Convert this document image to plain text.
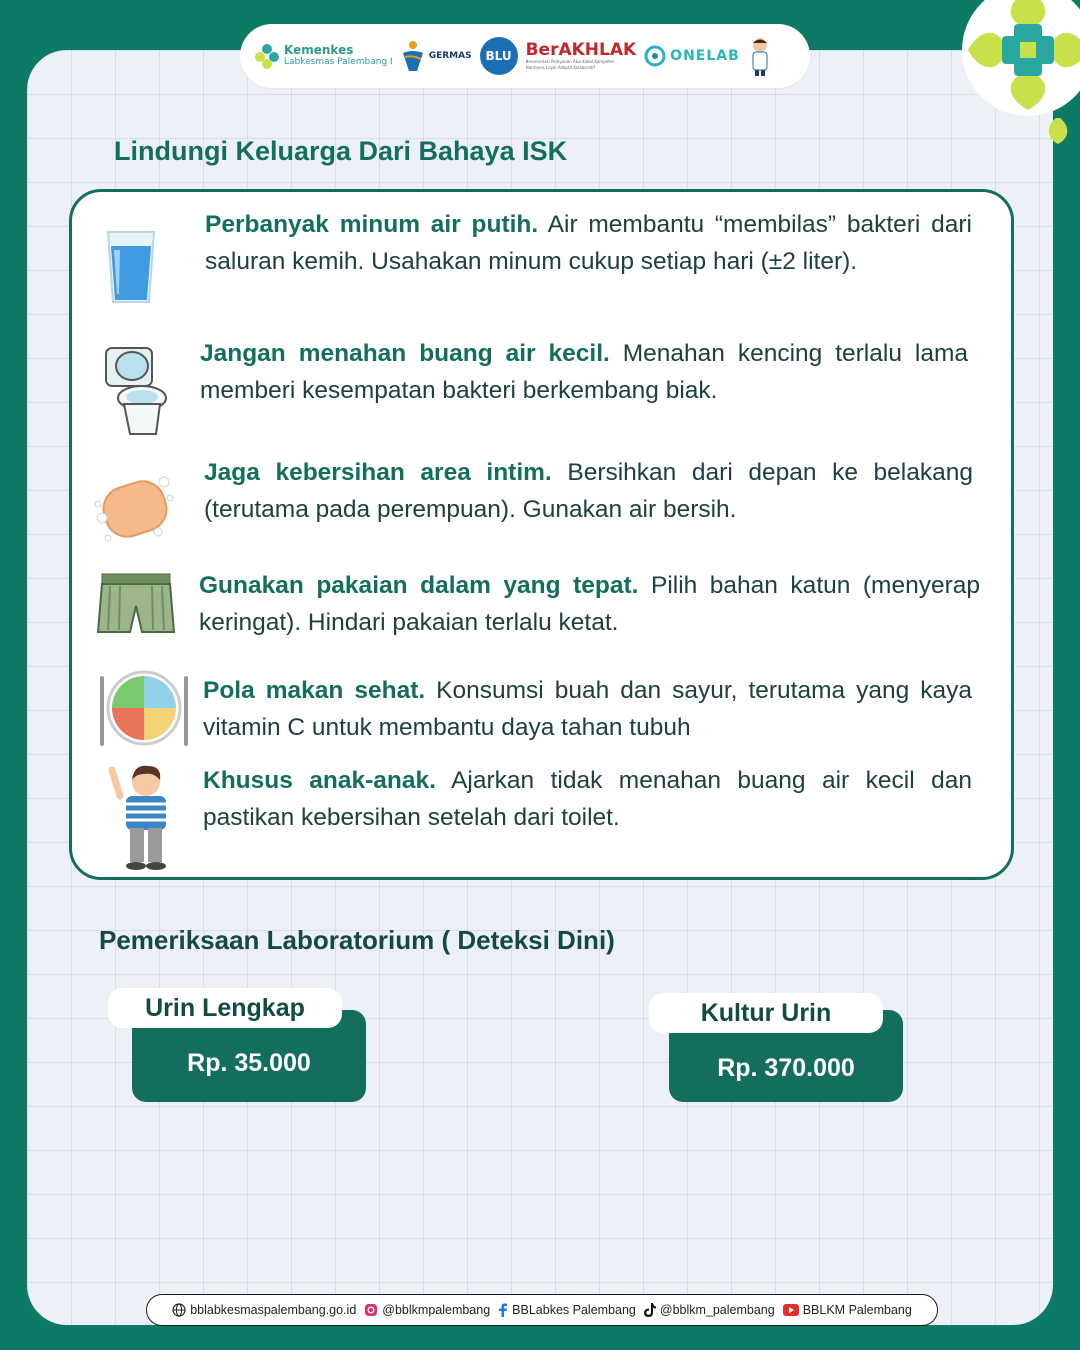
Kemenkes
Labkesmas Palembang I
GERMAS	BLU BerAKHLAK
Berorientasi Pelayanan Akuntabel Kompeten Harmonis Loyal Adaptif Kolaboratif
ONELAB
Lindungi Keluarga Dari Bahaya ISK
Perbanyak minum air putih. Air membantu “membilas” bakteri dari saluran kemih. Usahakan minum cukup setiap hari (±2 liter).
Jangan menahan buang air kecil. Menahan kencing terlalu lama memberi kesempatan bakteri berkembang biak.
Jaga kebersihan area intim. Bersihkan dari depan ke belakang (terutama pada perempuan). Gunakan air bersih.
Gunakan pakaian dalam yang tepat. Pilih bahan katun (menyerap keringat). Hindari pakaian terlalu ketat.
Pola makan sehat. Konsumsi buah dan sayur, terutama yang kaya vitamin C untuk membantu daya tahan tubuh
Khusus anak-anak. Ajarkan tidak menahan buang air kecil dan pastikan kebersihan setelah dari toilet.
Pemeriksaan Laboratorium ( Deteksi Dini)
Rp. 35.000
Urin Lengkap
Rp. 370.000
Kultur Urin
bblabkesmaspalembang.go.id @bblkmpalembang BBLabkes Palembang @bblkm_palembang BBLKM Palembang
